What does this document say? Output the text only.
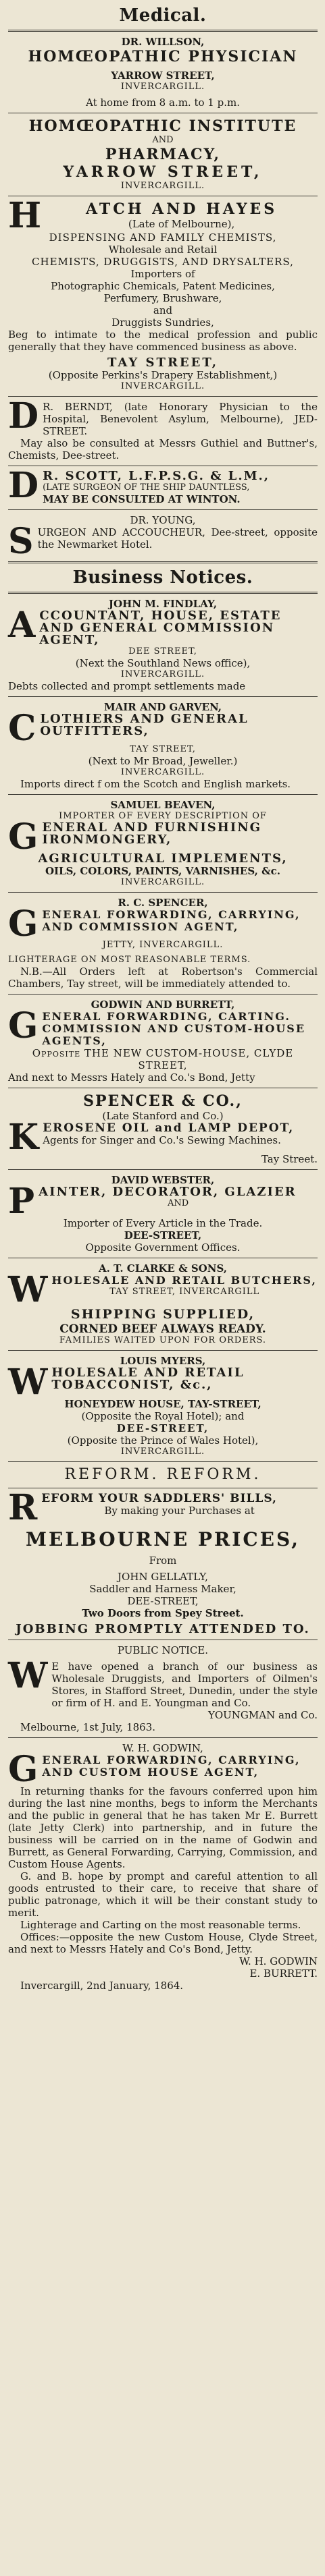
Medical.
DR. WILLSON,
HOMŒOPATHIC PHYSICIAN
YARROW STREET,
INVERCARGILL.
At home from 8 a.m. to 1 p.m.
HOMŒOPATHIC INSTITUTE
AND
PHARMACY,
YARROW STREET,
INVERCARGILL.
H	ATCH AND HAYES
(Late of Melbourne),
DISPENSING AND FAMILY CHEMISTS,
Wholesale and Retail
CHEMISTS, DRUGGISTS, AND DRYSALTERS,
Importers of
Photographic Chemicals, Patent Medicines,
Perfumery, Brushware,
and
Druggists Sundries,
Beg to intimate to the medical profession and public generally that they have commenced business as above.
TAY STREET,
(Opposite Perkins's Drapery Establishment,)
INVERCARGILL.
D R. BERNDT, (late Honorary Physician to the Hospital, Benevolent Asylum, Melbourne), JED-STREET.
May also be consulted at Messrs Guthiel and Buttner's, Chemists, Dee-street.
D R. SCOTT, L.F.P.S.G. & L.M.,
(LATE SURGEON OF THE SHIP DAUNTLESS,
MAY BE CONSULTED AT WINTON.
DR. YOUNG,
S URGEON AND ACCOUCHEUR, Dee-street, opposite the Newmarket Hotel.
Business Notices.
JOHN M. FINDLAY,
A CCOUNTANT, HOUSE, ESTATE AND GENERAL COMMISSION AGENT,
DEE STREET,
(Next the Southland News office),
INVERCARGILL.
Debts collected and prompt settlements made
MAIR AND GARVEN,
C LOTHIERS AND GENERAL OUTFITTERS,
TAY STREET,
(Next to Mr Broad, Jeweller.)
INVERCARGILL.
Imports direct f om the Scotch and English markets.
SAMUEL BEAVEN,
IMPORTER OF EVERY DESCRIPTION OF
G ENERAL AND FURNISHING IRONMONGERY,
AGRICULTURAL IMPLEMENTS,
OILS, COLORS, PAINTS, VARNISHES, &c.
INVERCARGILL.
R. C. SPENCER,
G ENERAL FORWARDING, CARRYING, AND COMMISSION AGENT,
JETTY, INVERCARGILL.
LIGHTERAGE ON MOST REASONABLE TERMS.
N.B.—All Orders left at Robertson's Commercial Chambers, Tay street, will be immediately attended to.
GODWIN AND BURRETT,
G ENERAL FORWARDING, CARTING. COMMISSION AND CUSTOM-HOUSE AGENTS,
Opposite THE NEW CUSTOM-HOUSE, CLYDE STREET,
And next to Messrs Hately and Co.'s Bond, Jetty
SPENCER & CO.,
(Late Stanford and Co.)
K EROSENE OIL and LAMP DEPOT,
Agents for Singer and Co.'s Sewing Machines.
Tay Street.
DAVID WEBSTER,
P AINTER, DECORATOR, GLAZIER
AND
Importer of Every Article in the Trade.
DEE-STREET,
Opposite Government Offices.
A. T. CLARKE & SONS,
W HOLESALE AND RETAIL BUTCHERS,
TAY STREET, INVERCARGILL
SHIPPING SUPPLIED,
CORNED BEEF ALWAYS READY.
FAMILIES WAITED UPON FOR ORDERS.
LOUIS MYERS,
W HOLESALE AND RETAIL TOBACCONIST, &c.,
HONEYDEW HOUSE, TAY-STREET,
(Opposite the Royal Hotel); and
DEE-STREET,
(Opposite the Prince of Wales Hotel),
INVERCARGILL.
REFORM. REFORM.
R EFORM YOUR SADDLERS' BILLS,
By making your Purchases at
MELBOURNE PRICES,
From
JOHN GELLATLY,
Saddler and Harness Maker,
DEE-STREET,
Two Doors from Spey Street.
JOBBING PROMPTLY ATTENDED TO.
PUBLIC NOTICE.
W E have opened a branch of our business as Wholesale Druggists, and Importers of Oilmen's Stores, in Stafford Street, Dunedin, under the style or firm of H. and E. Youngman and Co.
YOUNGMAN and Co.
Melbourne, 1st July, 1863.
W. H. GODWIN,
G ENERAL FORWARDING, CARRYING, AND CUSTOM HOUSE AGENT,
In returning thanks for the favours conferred upon him during the last nine months, begs to inform the Merchants and the public in general that he has taken Mr E. Burrett (late Jetty Clerk) into partnership, and in future the business will be carried on in the name of Godwin and Burrett, as General Forwarding, Carrying, Commission, and Custom House Agents.
G. and B. hope by prompt and careful attention to all goods entrusted to their care, to receive that share of public patronage, which it will be their constant study to merit.
Lighterage and Carting on the most reasonable terms.
Offices:—opposite the new Custom House, Clyde Street, and next to Messrs Hately and Co's Bond, Jetty.
W. H. GODWIN
E. BURRETT.
Invercargill, 2nd January, 1864.
